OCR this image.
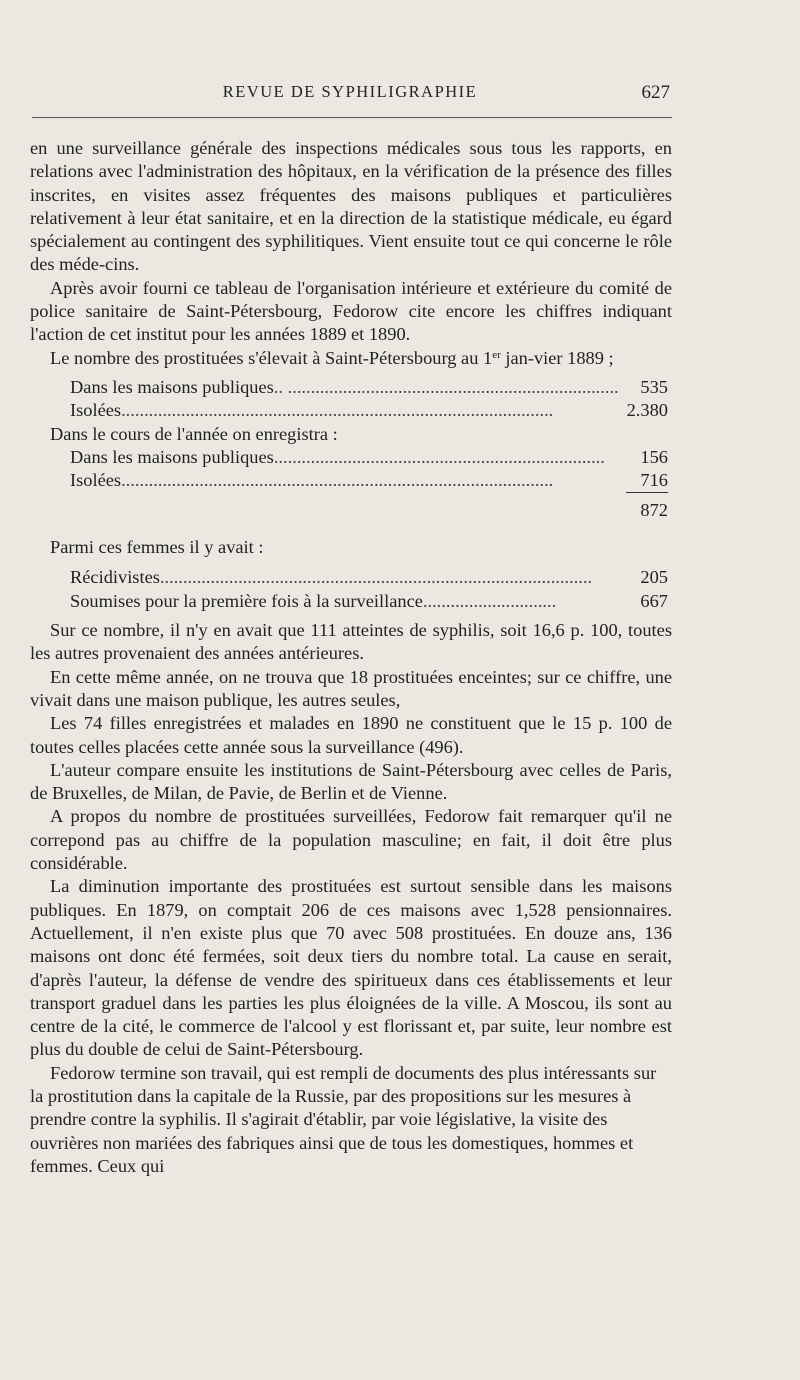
REVUE DE SYPHILIGRAPHIE	627

en une surveillance générale des inspections médicales sous tous les rapports, en relations avec l'administration des hôpitaux, en la vérification de la présence des filles inscrites, en visites assez fréquentes des maisons publiques et particulières relativement à leur état sanitaire, et en la direction de la statistique médicale, eu égard spécialement au contingent des syphilitiques. Vient ensuite tout ce qui concerne le rôle des méde-cins.

Après avoir fourni ce tableau de l'organisation intérieure et extérieure du comité de police sanitaire de Saint-Pétersbourg, Fedorow cite encore les chiffres indiquant l'action de cet institut pour les années 1889 et 1890.

Le nombre des prostituées s'élevait à Saint-Pétersbourg au 1er jan-vier 1889 ;

Dans les maisons publiques .. ........................................................................	535
Isolées ..............................................................................................	2.380
Dans le cours de l'année on enregistra :
Dans les maisons publiques ........................................................................	156
Isolées ..............................................................................................	716
872
Parmi ces femmes il y avait :
Récidivistes ..............................................................................................	205
Soumises pour la première fois à la surveillance .............................	667

Sur ce nombre, il n'y en avait que 111 atteintes de syphilis, soit 16,6 p. 100, toutes les autres provenaient des années antérieures.

En cette même année, on ne trouva que 18 prostituées enceintes; sur ce chiffre, une vivait dans une maison publique, les autres seules,

Les 74 filles enregistrées et malades en 1890 ne constituent que le 15 p. 100 de toutes celles placées cette année sous la surveillance (496).

L'auteur compare ensuite les institutions de Saint-Pétersbourg avec celles de Paris, de Bruxelles, de Milan, de Pavie, de Berlin et de Vienne.

A propos du nombre de prostituées surveillées, Fedorow fait remarquer qu'il ne correpond pas au chiffre de la population masculine; en fait, il doit être plus considérable.

La diminution importante des prostituées est surtout sensible dans les maisons publiques. En 1879, on comptait 206 de ces maisons avec 1,528 pensionnaires. Actuellement, il n'en existe plus que 70 avec 508 prostituées. En douze ans, 136 maisons ont donc été fermées, soit deux tiers du nombre total. La cause en serait, d'après l'auteur, la défense de vendre des spiritueux dans ces établissements et leur transport graduel dans les parties les plus éloignées de la ville. A Moscou, ils sont au centre de la cité, le commerce de l'alcool y est florissant et, par suite, leur nombre est plus du double de celui de Saint-Pétersbourg.

Fedorow termine son travail, qui est rempli de documents des plus intéressants sur la prostitution dans la capitale de la Russie, par des propositions sur les mesures à prendre contre la syphilis. Il s'agirait d'établir, par voie législative, la visite des ouvrières non mariées des fabriques ainsi que de tous les domestiques, hommes et femmes. Ceux qui
